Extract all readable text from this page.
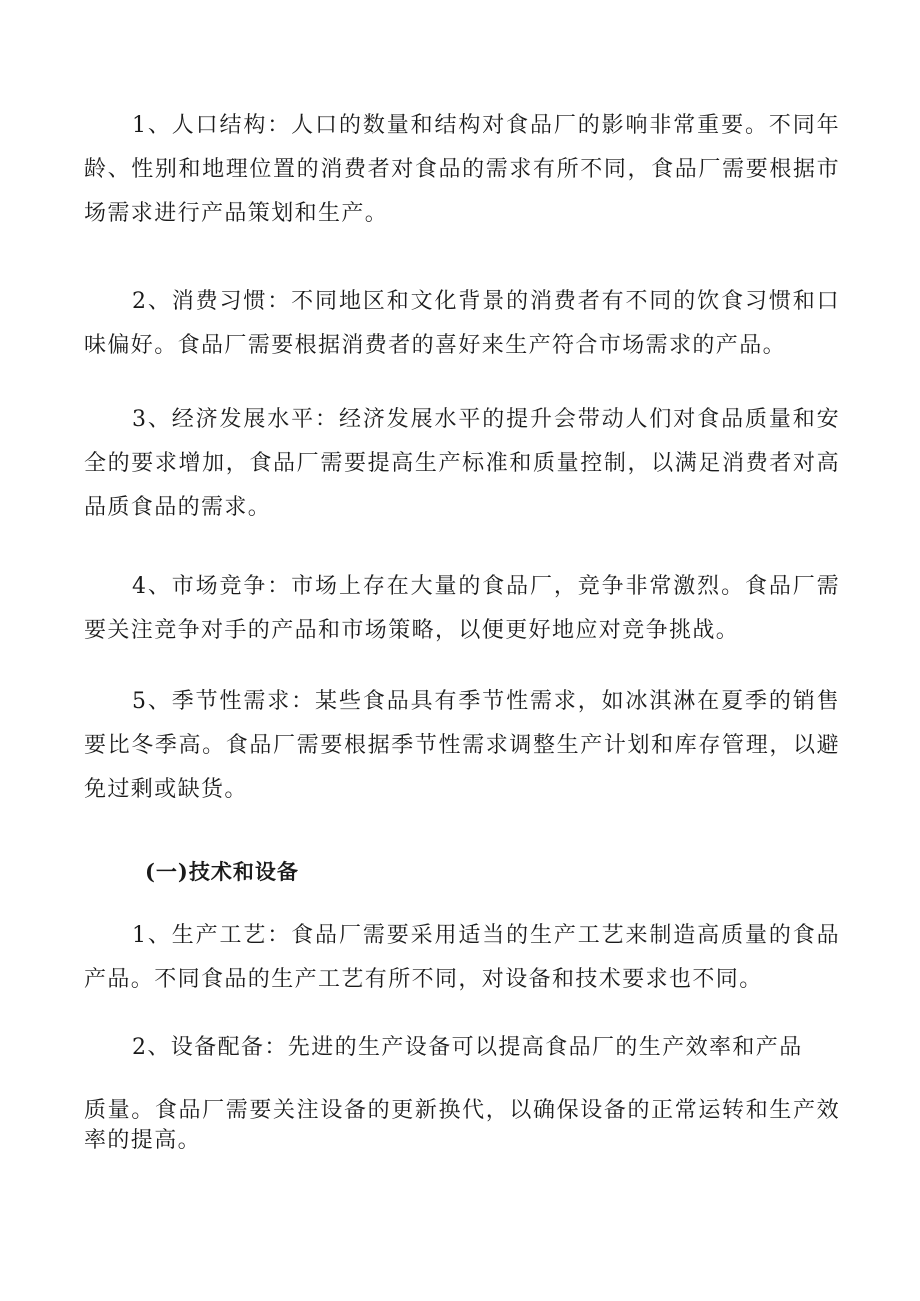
1、人口结构：人口的数量和结构对食品厂的影响非常重要。不同年龄、性别和地理位置的消费者对食品的需求有所不同，食品厂需要根据市场需求进行产品策划和生产。

2、消费习惯：不同地区和文化背景的消费者有不同的饮食习惯和口味偏好。食品厂需要根据消费者的喜好来生产符合市场需求的产品。

3、经济发展水平：经济发展水平的提升会带动人们对食品质量和安全的要求增加，食品厂需要提高生产标准和质量控制，以满足消费者对高品质食品的需求。

4、市场竞争：市场上存在大量的食品厂，竞争非常激烈。食品厂需要关注竞争对手的产品和市场策略，以便更好地应对竞争挑战。

5、季节性需求：某些食品具有季节性需求，如冰淇淋在夏季的销售要比冬季高。食品厂需要根据季节性需求调整生产计划和库存管理，以避免过剩或缺货。

(一)技术和设备

1、生产工艺：食品厂需要采用适当的生产工艺来制造高质量的食品产品。不同食品的生产工艺有所不同，对设备和技术要求也不同。

2、设备配备：先进的生产设备可以提高食品厂的生产效率和产品

质量。食品厂需要关注设备的更新换代，以确保设备的正常运转和生产效率的提高。
